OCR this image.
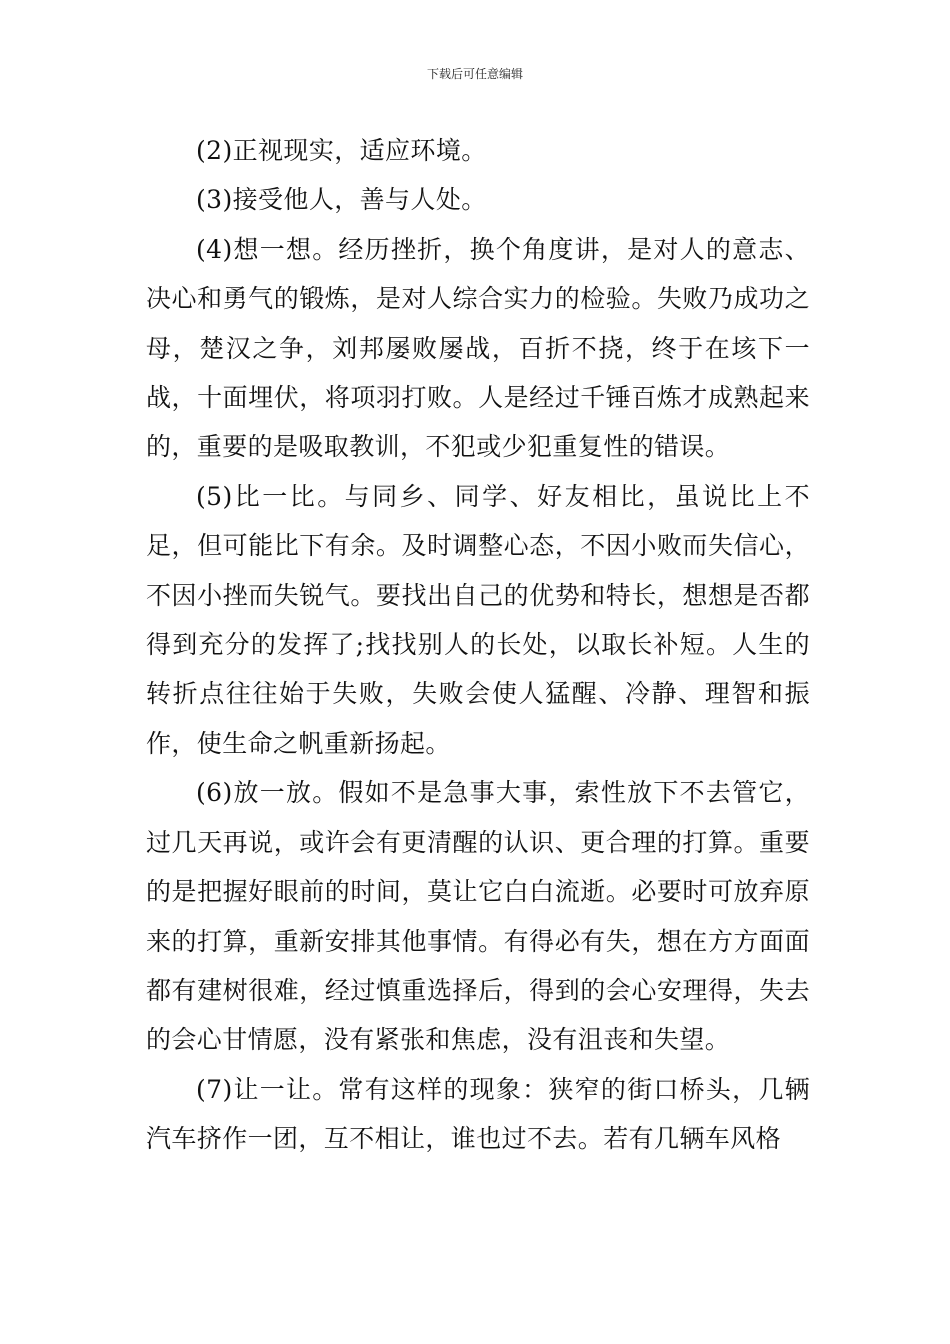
下载后可任意编辑

(2)正视现实，适应环境。

(3)接受他人，善与人处。

(4)想一想。经历挫折，换个角度讲，是对人的意志、决心和勇气的锻炼，是对人综合实力的检验。失败乃成功之母，楚汉之争，刘邦屡败屡战，百折不挠，终于在垓下一战，十面埋伏，将项羽打败。人是经过千锤百炼才成熟起来的，重要的是吸取教训，不犯或少犯重复性的错误。

(5)比一比。与同乡、同学、好友相比，虽说比上不足，但可能比下有余。及时调整心态，不因小败而失信心，不因小挫而失锐气。要找出自己的优势和特长，想想是否都得到充分的发挥了;找找别人的长处，以取长补短。人生的转折点往往始于失败，失败会使人猛醒、冷静、理智和振作，使生命之帆重新扬起。

(6)放一放。假如不是急事大事，索性放下不去管它，过几天再说，或许会有更清醒的认识、更合理的打算。重要的是把握好眼前的时间，莫让它白白流逝。必要时可放弃原来的打算，重新安排其他事情。有得必有失，想在方方面面都有建树很难，经过慎重选择后，得到的会心安理得，失去的会心甘情愿，没有紧张和焦虑，没有沮丧和失望。

(7)让一让。常有这样的现象：狭窄的街口桥头，几辆汽车挤作一团，互不相让，谁也过不去。若有几辆车风格
